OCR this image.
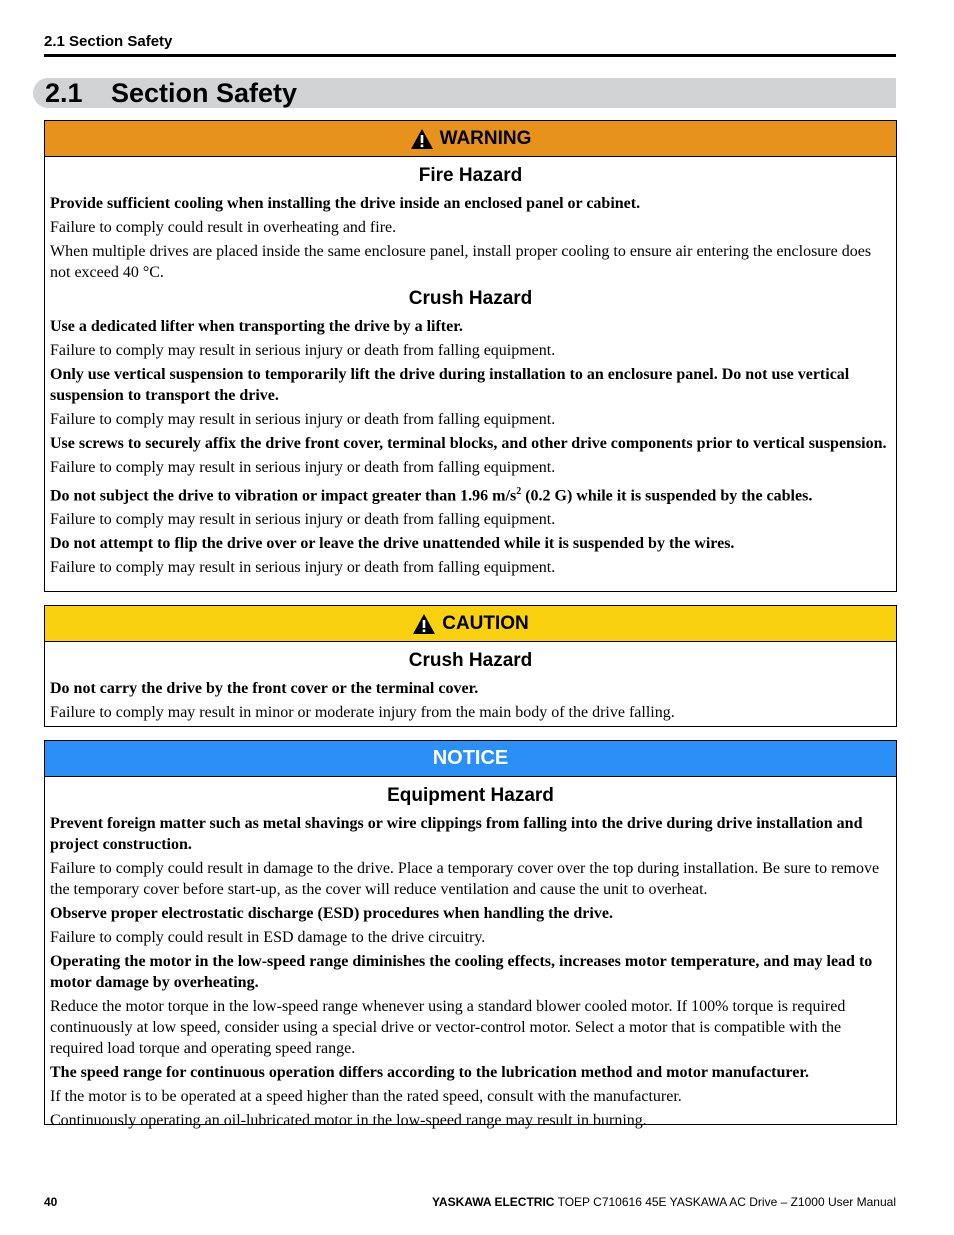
2.1 Section Safety
2.1 Section Safety
WARNING
Fire Hazard

Provide sufficient cooling when installing the drive inside an enclosed panel or cabinet.

Failure to comply could result in overheating and fire.

When multiple drives are placed inside the same enclosure panel, install proper cooling to ensure air entering the enclosure does not exceed 40 °C.

Crush Hazard

Use a dedicated lifter when transporting the drive by a lifter.

Failure to comply may result in serious injury or death from falling equipment.

Only use vertical suspension to temporarily lift the drive during installation to an enclosure panel. Do not use vertical suspension to transport the drive.

Failure to comply may result in serious injury or death from falling equipment.

Use screws to securely affix the drive front cover, terminal blocks, and other drive components prior to vertical suspension.

Failure to comply may result in serious injury or death from falling equipment.

Do not subject the drive to vibration or impact greater than 1.96 $m/s^2$ (0.2 G) while it is suspended by the cables.

Failure to comply may result in serious injury or death from falling equipment.

Do not attempt to flip the drive over or leave the drive unattended while it is suspended by the wires.

Failure to comply may result in serious injury or death from falling equipment.

CAUTION
Crush Hazard

Do not carry the drive by the front cover or the terminal cover.

Failure to comply may result in minor or moderate injury from the main body of the drive falling.

NOTICE
Equipment Hazard

Prevent foreign matter such as metal shavings or wire clippings from falling into the drive during drive installation and project construction.

Failure to comply could result in damage to the drive. Place a temporary cover over the top during installation. Be sure to remove the temporary cover before start-up, as the cover will reduce ventilation and cause the unit to overheat.

Observe proper electrostatic discharge (ESD) procedures when handling the drive.

Failure to comply could result in ESD damage to the drive circuitry.

Operating the motor in the low-speed range diminishes the cooling effects, increases motor temperature, and may lead to motor damage by overheating.

Reduce the motor torque in the low-speed range whenever using a standard blower cooled motor. If 100% torque is required continuously at low speed, consider using a special drive or vector-control motor. Select a motor that is compatible with the required load torque and operating speed range.

The speed range for continuous operation differs according to the lubrication method and motor manufacturer.

If the motor is to be operated at a speed higher than the rated speed, consult with the manufacturer.

Continuously operating an oil-lubricated motor in the low-speed range may result in burning.

40	YASKAWA ELECTRIC TOEP C710616 45E YASKAWA AC Drive – Z1000 User Manual
